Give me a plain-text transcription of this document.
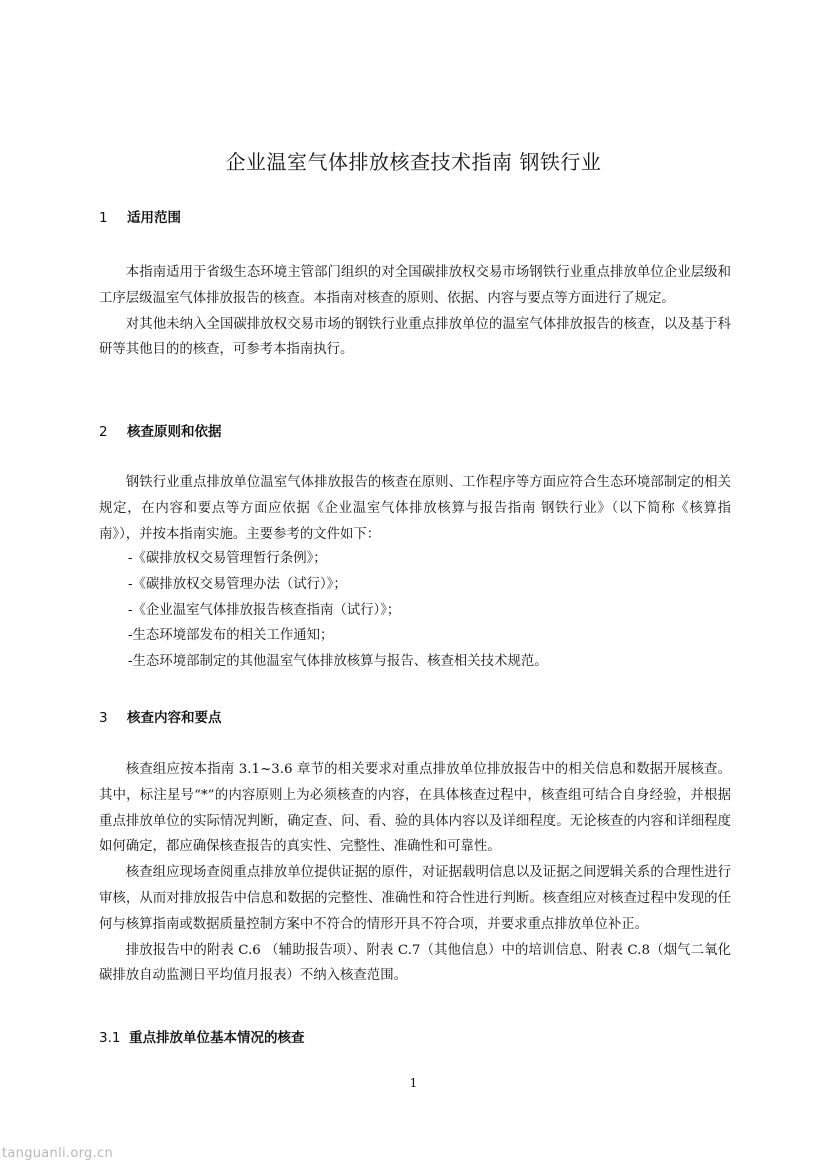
企业温室气体排放核查技术指南 钢铁行业
1 适用范围

本指南适用于省级生态环境主管部门组织的对全国碳排放权交易市场钢铁行业重点排放单位企业层级和工序层级温室气体排放报告的核查。本指南对核查的原则、依据、内容与要点等方面进行了规定。

对其他未纳入全国碳排放权交易市场的钢铁行业重点排放单位的温室气体排放报告的核查，以及基于科研等其他目的的核查，可参考本指南执行。

2 核查原则和依据

钢铁行业重点排放单位温室气体排放报告的核查在原则、工作程序等方面应符合生态环境部制定的相关规定，在内容和要点等方面应依据《企业温室气体排放核算与报告指南 钢铁行业》（以下简称《核算指南》），并按本指南实施。主要参考的文件如下：

-《碳排放权交易管理暂行条例》；
-《碳排放权交易管理办法（试行）》；
-《企业温室气体排放报告核查指南（试行）》；
-生态环境部发布的相关工作通知；
-生态环境部制定的其他温室气体排放核算与报告、核查相关技术规范。
3 核查内容和要点

核查组应按本指南 3.1~3.6 章节的相关要求对重点排放单位排放报告中的相关信息和数据开展核查。其中，标注星号“*”的内容原则上为必须核查的内容，在具体核查过程中，核查组可结合自身经验，并根据重点排放单位的实际情况判断，确定查、问、看、验的具体内容以及详细程度。无论核查的内容和详细程度如何确定，都应确保核查报告的真实性、完整性、准确性和可靠性。

核查组应现场查阅重点排放单位提供证据的原件，对证据载明信息以及证据之间逻辑关系的合理性进行审核，从而对排放报告中信息和数据的完整性、准确性和符合性进行判断。核查组应对核查过程中发现的任何与核算指南或数据质量控制方案中不符合的情形开具不符合项，并要求重点排放单位补正。

排放报告中的附表 C.6 （辅助报告项）、附表 C.7（其他信息）中的培训信息、附表 C.8（烟气二氧化碳排放自动监测日平均值月报表）不纳入核查范围。

3.1 重点排放单位基本情况的核查
1
tanguanli.org.cn
